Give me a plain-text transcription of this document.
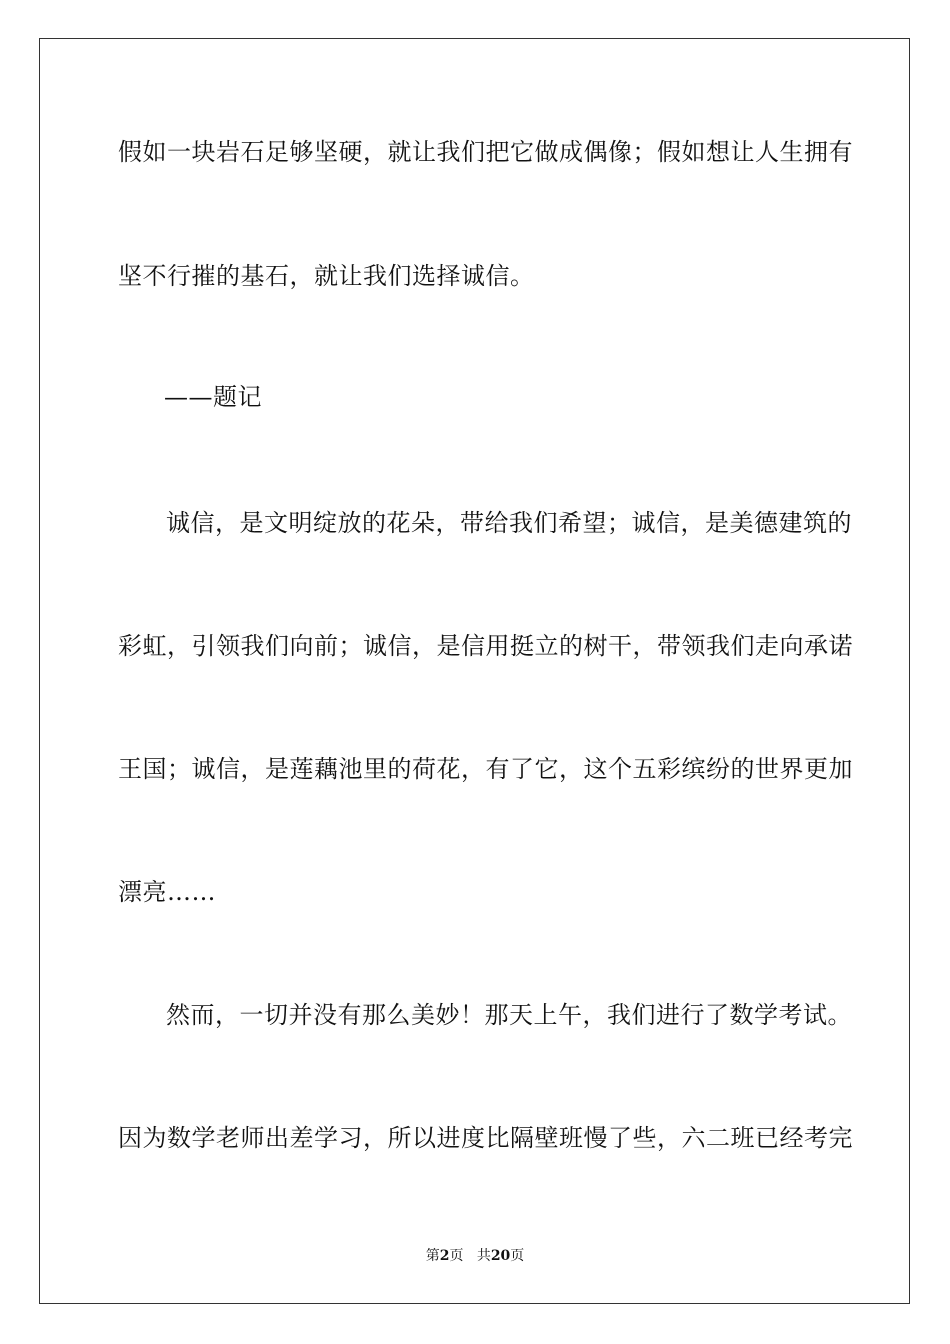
假如一块岩石足够坚硬，就让我们把它做成偶像；假如想让人生拥有
坚不行摧的基石，就让我们选择诚信。
——题记
诚信，是文明绽放的花朵，带给我们希望；诚信，是美德建筑的
彩虹，引领我们向前；诚信，是信用挺立的树干，带领我们走向承诺
王国；诚信，是莲藕池里的荷花，有了它，这个五彩缤纷的世界更加
漂亮……
然而，一切并没有那么美妙！那天上午，我们进行了数学考试。
因为数学老师出差学习，所以进度比隔壁班慢了些，六二班已经考完
第2页 共20页
